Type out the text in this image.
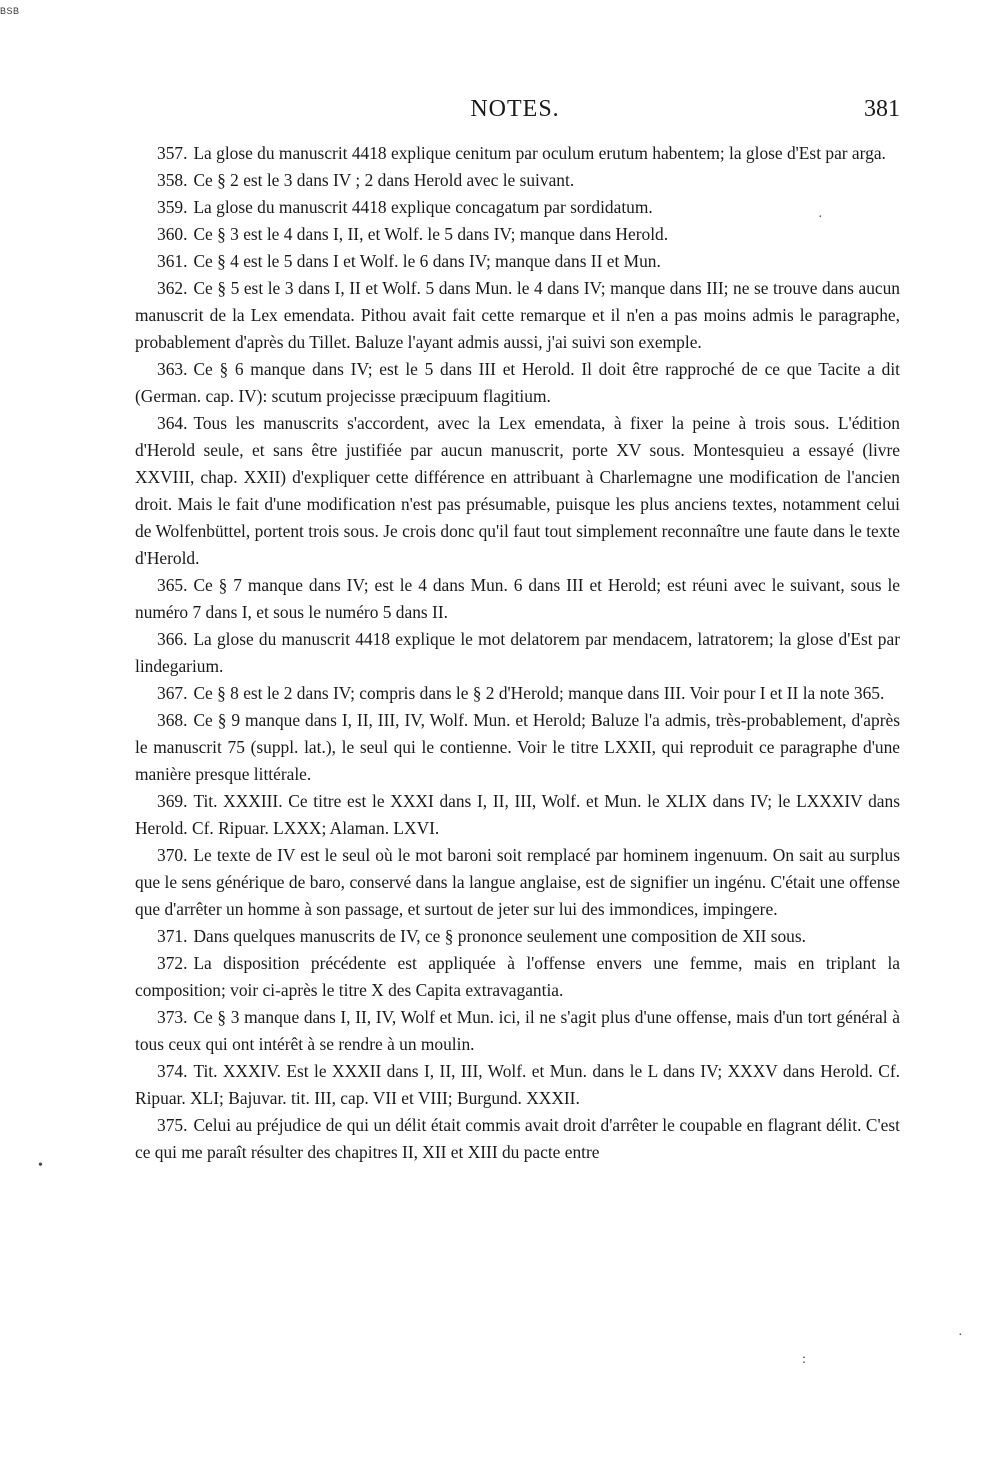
BSB
NOTES.	381

357. La glose du manuscrit 4418 explique cenitum par oculum erutum habentem; la glose d'Est par arga.

358. Ce § 2 est le 3 dans IV ; 2 dans Herold avec le suivant.

359. La glose du manuscrit 4418 explique concagatum par sordidatum.

360. Ce § 3 est le 4 dans I, II, et Wolf. le 5 dans IV; manque dans Herold.

361. Ce § 4 est le 5 dans I et Wolf. le 6 dans IV; manque dans II et Mun.

362. Ce § 5 est le 3 dans I, II et Wolf. 5 dans Mun. le 4 dans IV; manque dans III; ne se trouve dans aucun manuscrit de la Lex emendata. Pithou avait fait cette remarque et il n'en a pas moins admis le paragraphe, probablement d'après du Tillet. Baluze l'ayant admis aussi, j'ai suivi son exemple.

363. Ce § 6 manque dans IV; est le 5 dans III et Herold. Il doit être rapproché de ce que Tacite a dit (German. cap. IV): scutum projecisse præcipuum flagitium.

364. Tous les manuscrits s'accordent, avec la Lex emendata, à fixer la peine à trois sous. L'édition d'Herold seule, et sans être justifiée par aucun manuscrit, porte XV sous. Montesquieu a essayé (livre XXVIII, chap. XXII) d'expliquer cette différence en attribuant à Charlemagne une modification de l'ancien droit. Mais le fait d'une modification n'est pas présumable, puisque les plus anciens textes, notamment celui de Wolfenbüttel, portent trois sous. Je crois donc qu'il faut tout simplement reconnaître une faute dans le texte d'Herold.

365. Ce § 7 manque dans IV; est le 4 dans Mun. 6 dans III et Herold; est réuni avec le suivant, sous le numéro 7 dans I, et sous le numéro 5 dans II.

366. La glose du manuscrit 4418 explique le mot delatorem par mendacem, latratorem; la glose d'Est par lindegarium.

367. Ce § 8 est le 2 dans IV; compris dans le § 2 d'Herold; manque dans III. Voir pour I et II la note 365.

368. Ce § 9 manque dans I, II, III, IV, Wolf. Mun. et Herold; Baluze l'a admis, très-probablement, d'après le manuscrit 75 (suppl. lat.), le seul qui le contienne. Voir le titre LXXII, qui reproduit ce paragraphe d'une manière presque littérale.

369. Tit. XXXIII. Ce titre est le XXXI dans I, II, III, Wolf. et Mun. le XLIX dans IV; le LXXXIV dans Herold. Cf. Ripuar. LXXX; Alaman. LXVI.

370. Le texte de IV est le seul où le mot baroni soit remplacé par hominem ingenuum. On sait au surplus que le sens générique de baro, conservé dans la langue anglaise, est de signifier un ingénu. C'était une offense que d'arrêter un homme à son passage, et surtout de jeter sur lui des immondices, impingere.

371. Dans quelques manuscrits de IV, ce § prononce seulement une composition de XII sous.

372. La disposition précédente est appliquée à l'offense envers une femme, mais en triplant la composition; voir ci-après le titre X des Capita extravagantia.

373. Ce § 3 manque dans I, II, IV, Wolf et Mun. ici, il ne s'agit plus d'une offense, mais d'un tort général à tous ceux qui ont intérêt à se rendre à un moulin.

374. Tit. XXXIV. Est le XXXII dans I, II, III, Wolf. et Mun. dans le L dans IV; XXXV dans Herold. Cf. Ripuar. XLI; Bajuvar. tit. III, cap. VII et VIII; Burgund. XXXII.

375. Celui au préjudice de qui un délit était commis avait droit d'arrêter le coupable en flagrant délit. C'est ce qui me paraît résulter des chapitres II, XII et XIII du pacte entre

·
•
·
:
